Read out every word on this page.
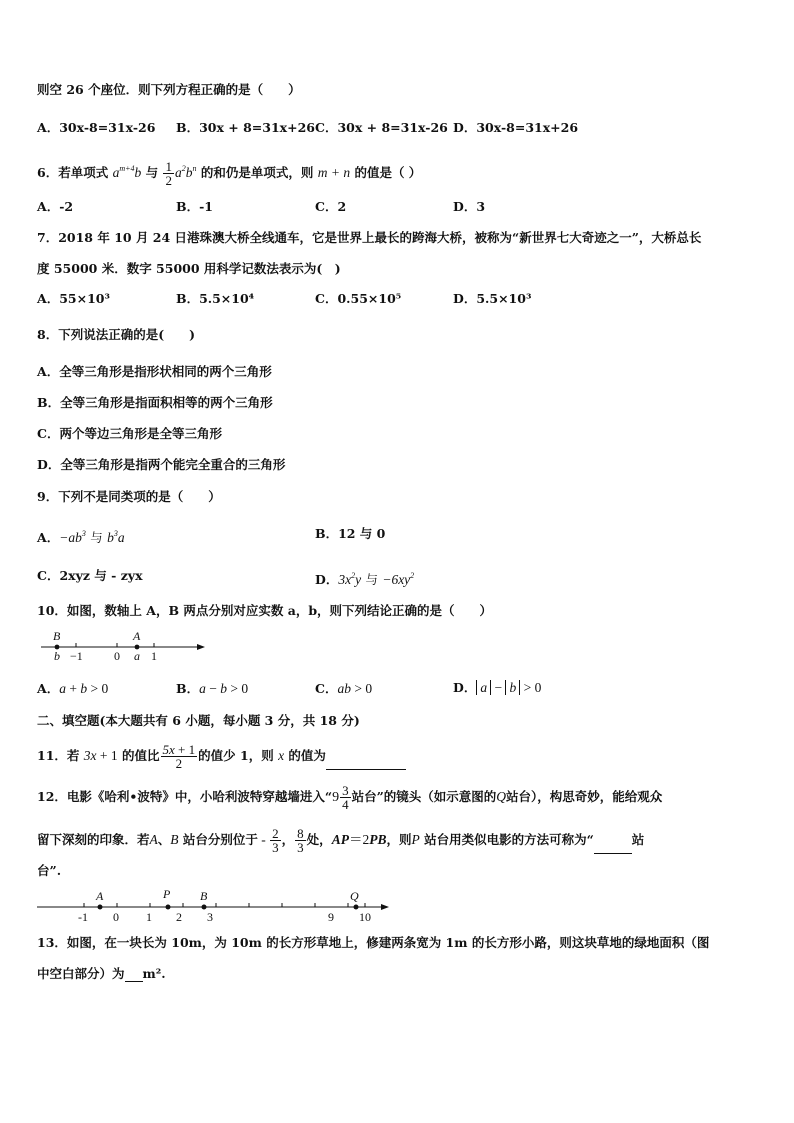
则空 26 个座位．则下列方程正确的是（　　）
A．30x-8=31x-26 B．30x + 8=31x+26 C．30x + 8=31x-26 D．30x-8=31x+26
6．若单项式 $a^{m+4}b$ 与 $\frac{1}{2} a^2b^n$ 的和仍是单项式，则 m + n 的值是（ ）
A．-2	B．-1	C．2	D．3
7．2018 年 10 月 24 日港珠澳大桥全线通车，它是世界上最长的跨海大桥，被称为“新世界七大奇迹之一”，大桥总长
度 55000 米．数字 55000 用科学记数法表示为(　)
A．55×10³	B．5.5×10⁴	C．0.55×10⁵	D．5.5×10³
8．下列说法正确的是(　　)
A．全等三角形是指形状相同的两个三角形
B．全等三角形是指面积相等的两个三角形
C．两个等边三角形是全等三角形
D．全等三角形是指两个能完全重合的三角形
9．下列不是同类项的是（　　）
A．$-ab^3$ 与 $b^3a$	B．12 与 0
C．2xyz 与 - zyx	D．$3x^2y$ 与 $-6xy^2$
10．如图，数轴上 A，B 两点分别对应实数 a，b，则下列结论正确的是（　　）
B	A
b −1	0 a 1
A．a + b > 0	B．a − b > 0	C．ab > 0	D． a − b > 0
二、填空题(本大题共有 6 小题，每小题 3 分，共 18 分)
11．若 3x + 1 的值比 $\frac{5x + 1}{2}$ 的值少 1，则 x 的值为
12．电影《哈利•波特》中，小哈利波特穿越墙进入“$9 \frac{3}{4}$ 站台”的镜头（如示意图的Q站台），构思奇妙，能给观众
留下深刻的印象．若A、B 站台分别位于 - $\frac{2}{3}$ ， $\frac{8}{3}$ 处，AP＝2PB，则P 站台用类似电影的方法可称为“	站
台”.
A	P B	Q
-1 0 1 2 3	9 10
13．如图，在一块长为 10m，为 10m 的长方形草地上，修建两条宽为 1m 的长方形小路，则这块草地的绿地面积（图
中空白部分）为 m².
